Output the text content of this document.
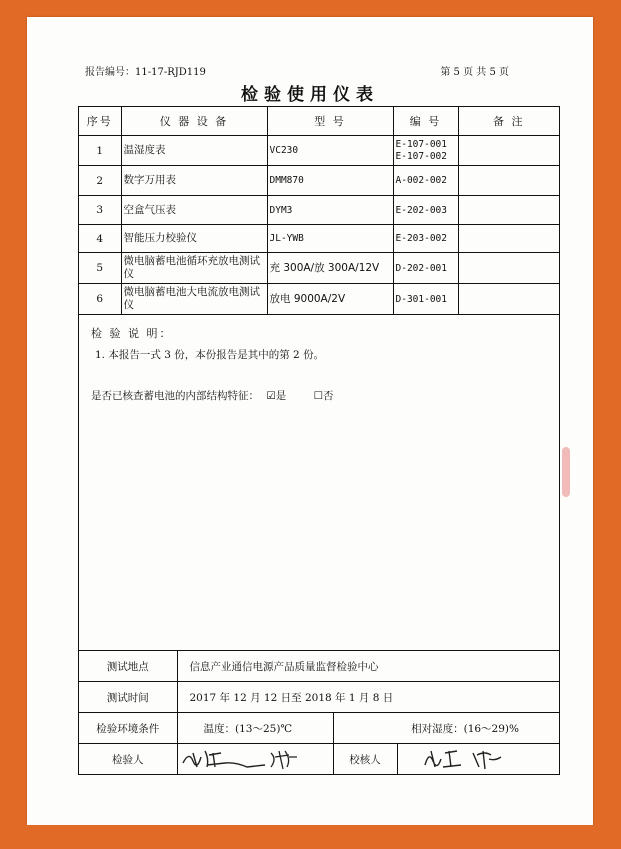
报告编号：11-17-RJD119	第 5 页 共 5 页
检验使用仪表
序号	仪 器 设 备	型 号	编 号	备 注
1	温湿度表	VC230	E-107-001
E-107-002	
2	数字万用表	DMM870	A-002-002	
3	空盒气压表	DYM3	E-202-003	
4	智能压力校验仪	JL-YWB	E-203-002	
5	微电脑蓄电池循环充放电测试仪	充 300A/放 300A/12V	D-202-001	
6	微电脑蓄电池大电流放电测试仪	放电 9000A/2V	D-301-001	
检 验 说 明：
1. 本报告一式 3 份，本份报告是其中的第 2 份。
是否已核查蓄电池的内部结构特征： ☑是	☐否
测试地点	信息产业通信电源产品质量监督检验中心		
测试时间	2017 年 12 月 12 日至 2018 年 1 月 8 日		
检验环境条件	温度：(13～25)℃	相对湿度：(16～29)%	
检验人		校核人	
